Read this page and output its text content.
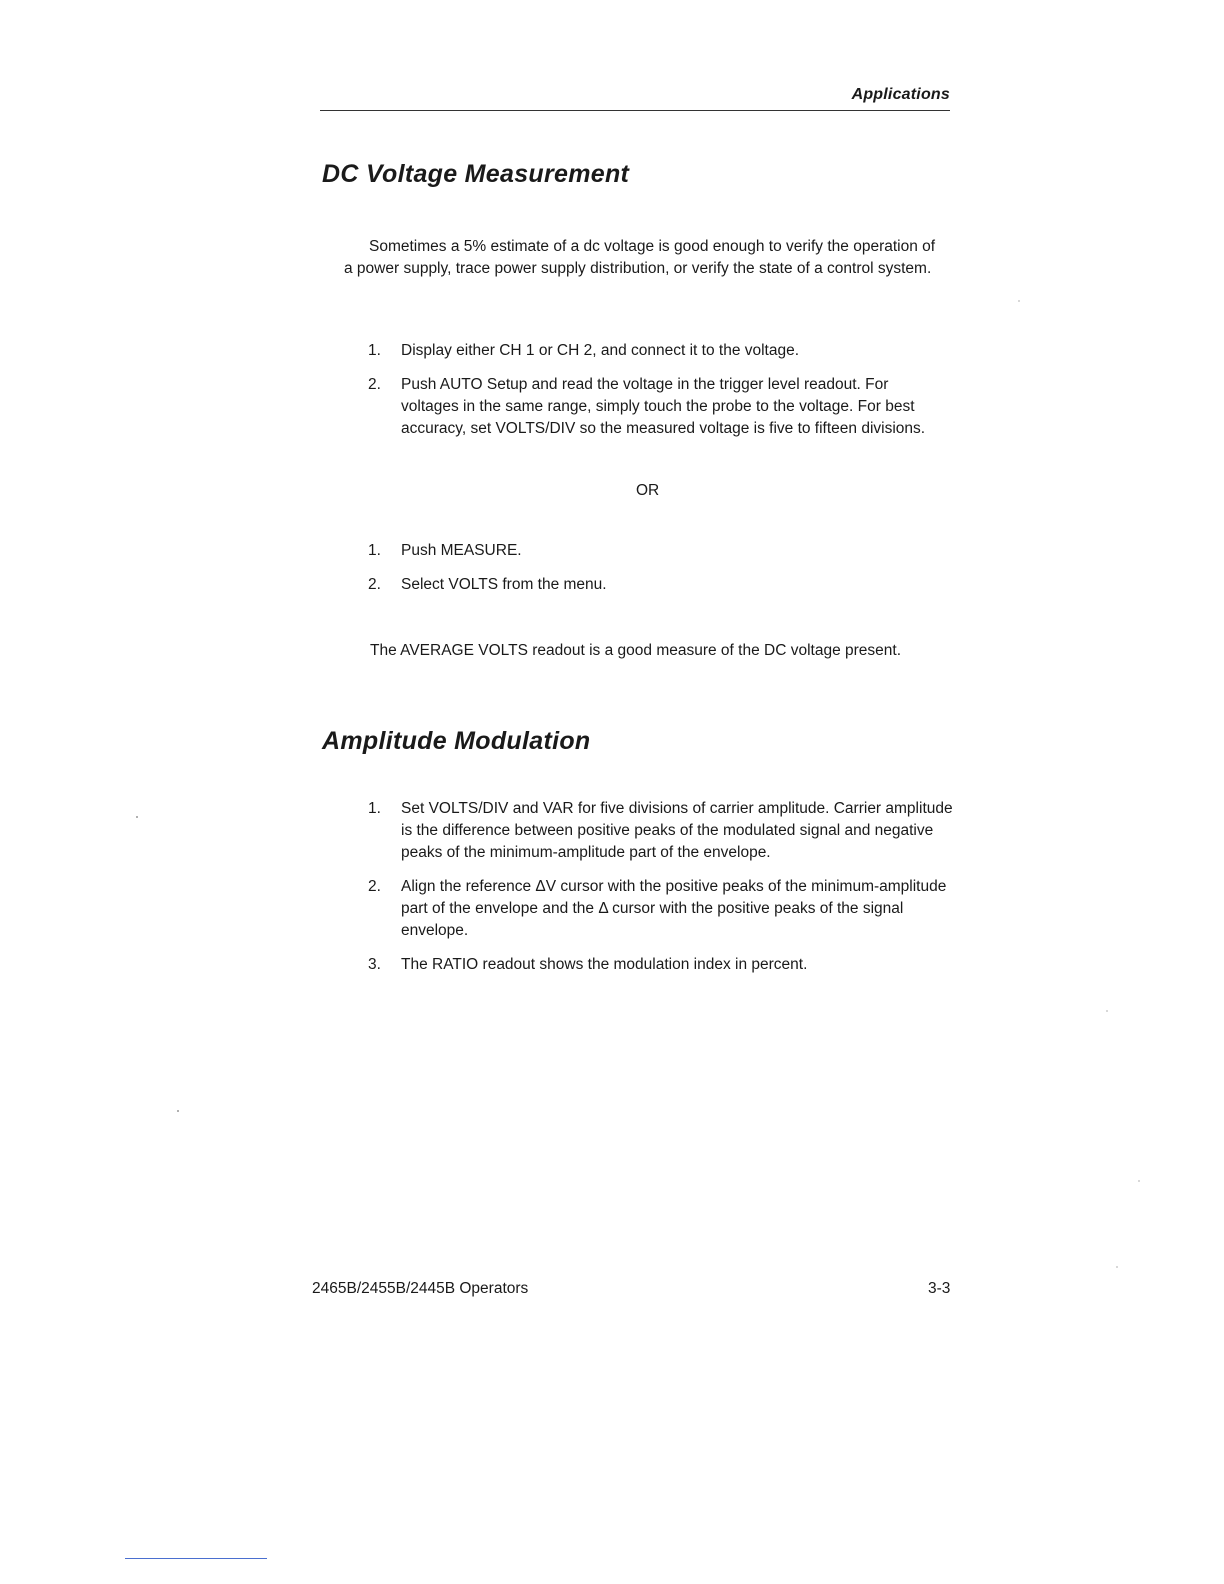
Applications
DC Voltage Measurement

Sometimes a 5% estimate of a dc voltage is good enough to verify the operation of a power supply, trace power supply distribution, or verify the state of a control system.

1. Display either CH 1 or CH 2, and connect it to the voltage.
2. Push AUTO Setup and read the voltage in the trigger level readout. For voltages in the same range, simply touch the probe to the voltage. For best accuracy, set VOLTS/DIV so the measured voltage is five to fifteen divisions.
OR
1. Push MEASURE.
2. Select VOLTS from the menu.

The AVERAGE VOLTS readout is a good measure of the DC voltage present.

Amplitude Modulation
1. Set VOLTS/DIV and VAR for five divisions of carrier amplitude. Carrier amplitude is the difference between positive peaks of the modulated signal and negative peaks of the minimum-amplitude part of the envelope.
2. Align the reference ΔV cursor with the positive peaks of the minimum-amplitude part of the envelope and the Δ cursor with the positive peaks of the signal envelope.
3. The RATIO readout shows the modulation index in percent.
2465B/2455B/2445B Operators	3-3
